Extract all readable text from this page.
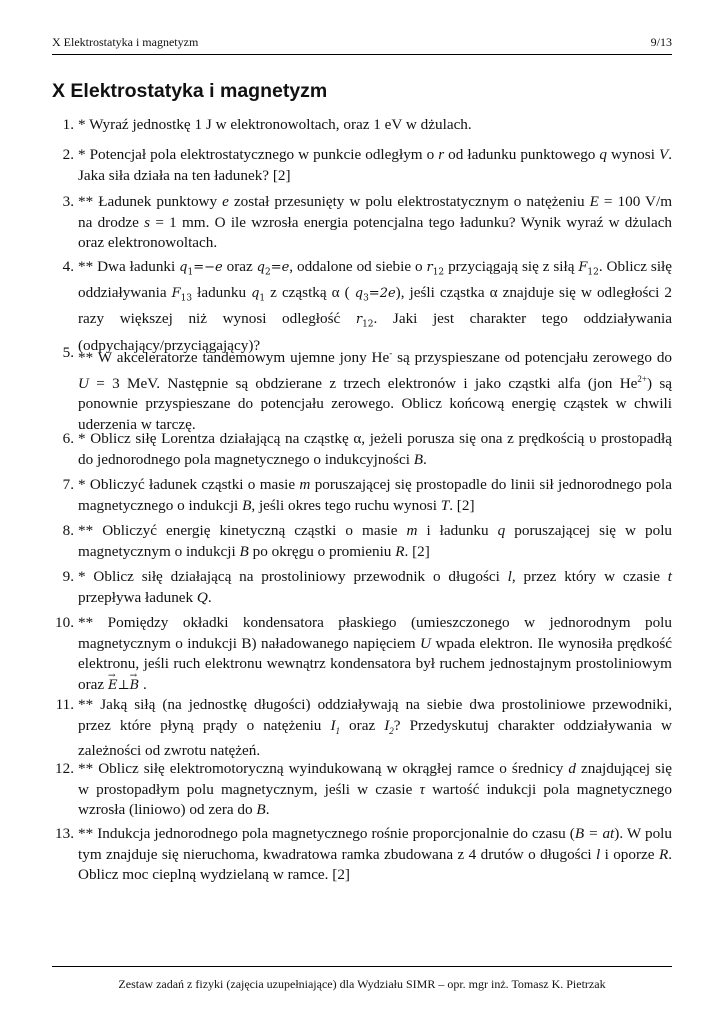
X Elektrostatyka i magnetyzm	9/13
X Elektrostatyka i magnetyzm
1. * Wyraź jednostkę 1 J w elektronowoltach, oraz 1 eV w dżulach.
2. * Potencjał pola elektrostatycznego w punkcie odległym o r od ładunku punktowego q wynosi V. Jaka siła działa na ten ładunek? [2]
3. ** Ładunek punktowy e został przesunięty w polu elektrostatycznym o natężeniu E = 100 V/m na drodze s = 1 mm. O ile wzrosła energia potencjalna tego ładunku? Wynik wyraź w dżulach oraz elektronowoltach.
4. ** Dwa ładunki $q_1=-e$ oraz $q_2=e$, oddalone od siebie o $r_{12}$ przyciągają się z siłą $F_{12}$. Oblicz siłę oddziaływania $F_{13}$ ładunku $q_1$ z cząstką α ( $q_3=2e$), jeśli cząstka α znajduje się w odległości 2 razy większej niż wynosi odległość $r_{12}$. Jaki jest charakter tego oddziaływania (odpychający/przyciągający)?
5. ** W akceleratorze tandemowym ujemne jony He- są przyspieszane od potencjału zerowego do U = 3 MeV. Następnie są obdzierane z trzech elektronów i jako cząstki alfa (jon $He^{2+}$) są ponownie przyspieszane do potencjału zerowego. Oblicz końcową energię cząstek w chwili uderzenia w tarczę.
6. * Oblicz siłę Lorentza działającą na cząstkę α, jeżeli porusza się ona z prędkością υ prostopadłą do jednorodnego pola magnetycznego o indukcyjności B.
7. * Obliczyć ładunek cząstki o masie m poruszającej się prostopadle do linii sił jednorodnego pola magnetycznego o indukcji B, jeśli okres tego ruchu wynosi T. [2]
8. ** Obliczyć energię kinetyczną cząstki o masie m i ładunku q poruszającej się w polu magnetycznym o indukcji B po okręgu o promieniu R. [2]
9. * Oblicz siłę działającą na prostoliniowy przewodnik o długości l, przez który w czasie t przepływa ładunek Q.
10. ** Pomiędzy okładki kondensatora płaskiego (umieszczonego w jednorodnym polu magnetycznym o indukcji B) naładowanego napięciem U wpada elektron. Ile wynosiła prędkość elektronu, jeśli ruch elektronu wewnątrz kondensatora był ruchem jednostajnym prostoliniowym oraz → E⊥→ B .
11. ** Jaką siłą (na jednostkę długości) oddziaływają na siebie dwa prostoliniowe przewodniki, przez które płyną prądy o natężeniu $I_1$ oraz $I_2$? Przedyskutuj charakter oddziaływania w zależności od zwrotu natężeń.
12. ** Oblicz siłę elektromotoryczną wyindukowaną w okrągłej ramce o średnicy d znajdującej się w prostopadłym polu magnetycznym, jeśli w czasie τ wartość indukcji pola magnetycznego wzrosła (liniowo) od zera do B.
13. ** Indukcja jednorodnego pola magnetycznego rośnie proporcjonalnie do czasu (B = at). W polu tym znajduje się nieruchoma, kwadratowa ramka zbudowana z 4 drutów o długości l i oporze R. Oblicz moc cieplną wydzielaną w ramce. [2]
Zestaw zadań z fizyki (zajęcia uzupełniające) dla Wydziału SIMR – opr. mgr inż. Tomasz K. Pietrzak
